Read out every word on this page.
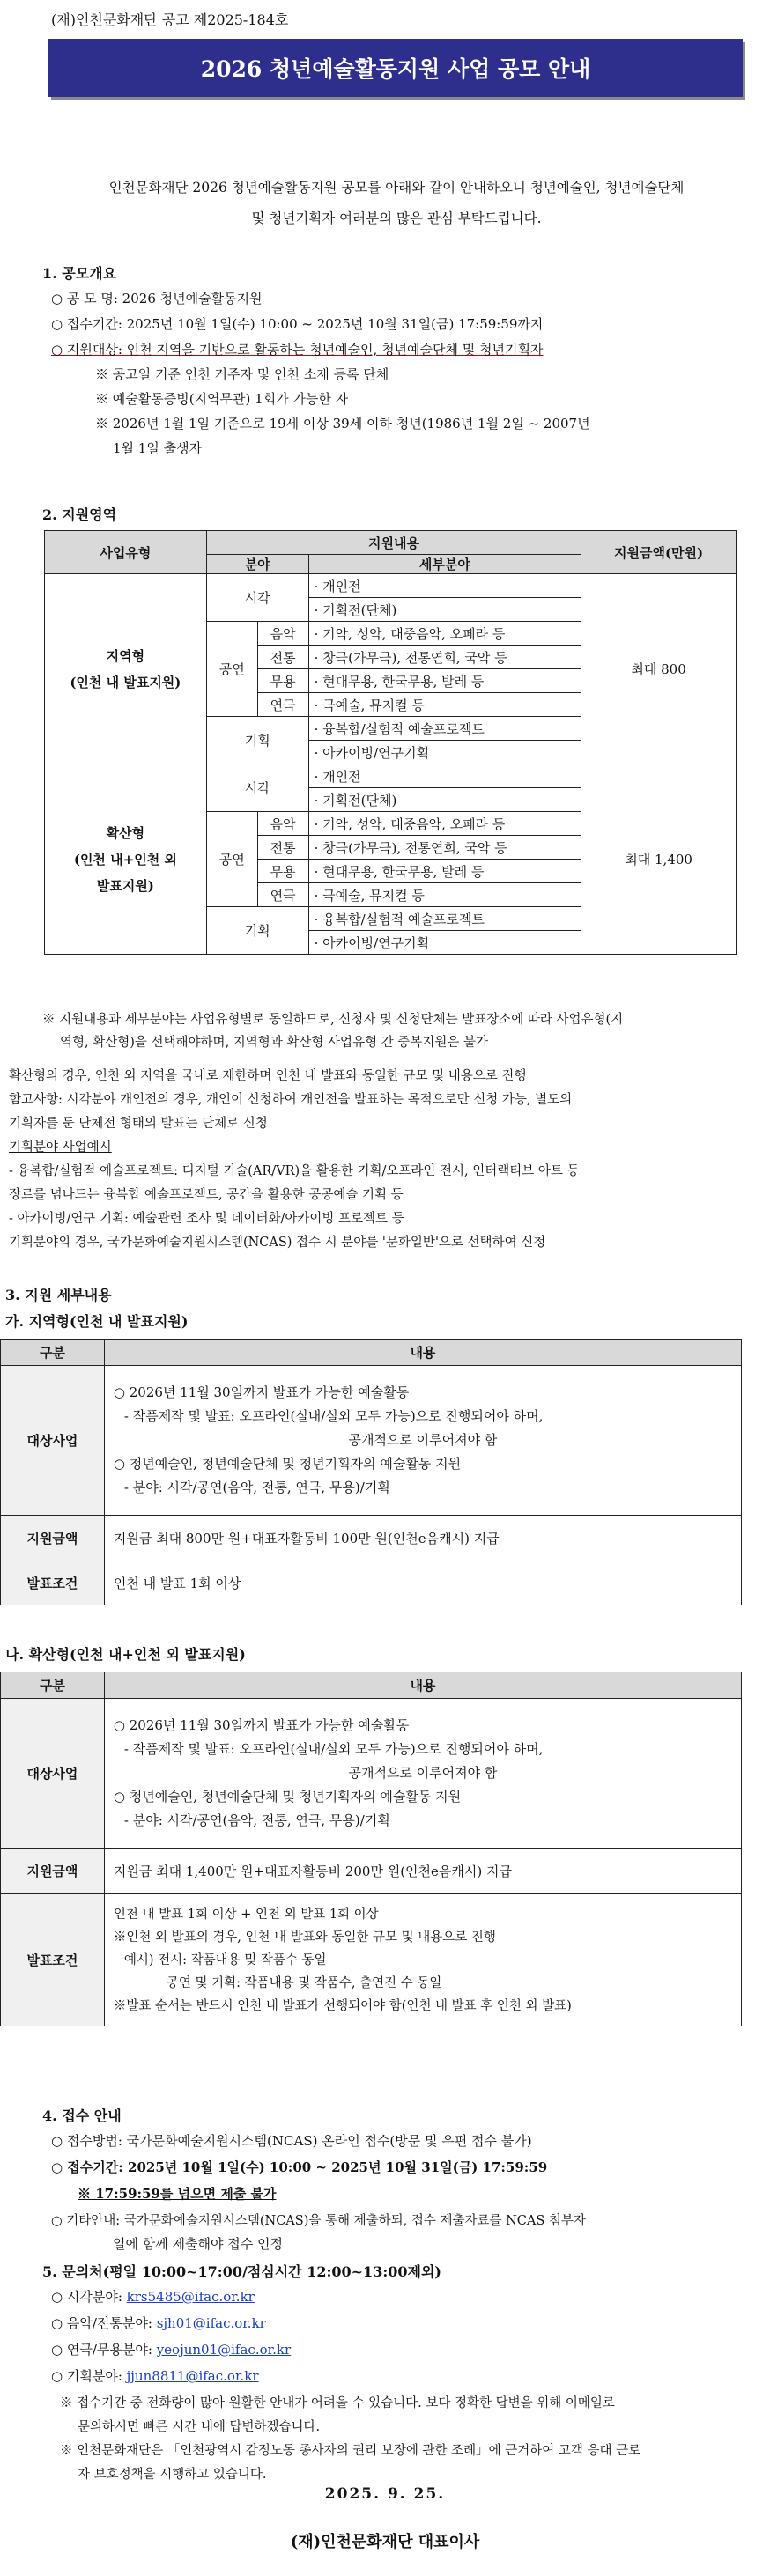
(재)인천문화재단 공고 제2025-184호
2026 청년예술활동지원 사업 공모 안내
인천문화재단 2026 청년예술활동지원 공모를 아래와 같이 안내하오니 청년예술인, 청년예술단체
및 청년기획자 여러분의 많은 관심 부탁드립니다.
1. 공모개요
○ 공 모 명: 2026 청년예술활동지원
○ 접수기간: 2025년 10월 1일(수) 10:00 ~ 2025년 10월 31일(금) 17:59:59까지
○ 지원대상: 인천 지역을 기반으로 활동하는 청년예술인, 청년예술단체 및 청년기획자
※ 공고일 기준 인천 거주자 및 인천 소재 등록 단체
※ 예술활동증빙(지역무관) 1회가 가능한 자
※ 2026년 1월 1일 기준으로 19세 이상 39세 이하 청년(1986년 1월 2일 ~ 2007년
1월 1일 출생자
2. 지원영역
사업유형	지원내용			지원금액(만원)
	분야		세부분야	

지역형
(인천 내 발표지원)	시각		· 개인전	최대 800
			· 기획전(단체)	
	공연	음악	· 기악, 성악, 대중음악, 오페라 등	
		전통	· 창극(가무극), 전통연희, 국악 등	
		무용	· 현대무용, 한국무용, 발레 등	
		연극	· 극예술, 뮤지컬 등	
	기획		· 융복합/실험적 예술프로젝트	
			· 아카이빙/연구기획	

확산형
(인천 내+인천 외
발표지원)	시각		· 개인전	최대 1,400
			· 기획전(단체)	
	공연	음악	· 기악, 성악, 대중음악, 오페라 등	
		전통	· 창극(가무극), 전통연희, 국악 등	
		무용	· 현대무용, 한국무용, 발레 등	
		연극	· 극예술, 뮤지컬 등	
	기획		· 융복합/실험적 예술프로젝트	
			· 아카이빙/연구기획	
※ 지원내용과 세부분야는 사업유형별로 동일하므로, 신청자 및 신청단체는 발표장소에 따라 사업유형(지
역형, 확산형)을 선택해야하며, 지역형과 확산형 사업유형 간 중복지원은 불가
확산형의 경우, 인천 외 지역을 국내로 제한하며 인천 내 발표와 동일한 규모 및 내용으로 진행
함고사항: 시각분야 개인전의 경우, 개인이 신청하여 개인전을 발표하는 목적으로만 신청 가능, 별도의
기획자를 둔 단체전 형태의 발표는 단체로 신청
기획분야 사업예시
- 융복합/실험적 예술프로젝트: 디지털 기술(AR/VR)을 활용한 기획/오프라인 전시, 인터랙티브 아트 등
장르를 넘나드는 융복합 예술프로젝트, 공간을 활용한 공공예술 기획 등
- 아카이빙/연구 기획: 예술관련 조사 및 데이터화/아카이빙 프로젝트 등
기획분야의 경우, 국가문화예술지원시스템(NCAS) 접수 시 분야를 '문화일반'으로 선택하여 신청
3. 지원 세부내용
가. 지역형(인천 내 발표지원)
구분	내용
대상사업	○ 2026년 11월 30일까지 발표가 가능한 예술활동
- 작품제작 및 발표: 오프라인(실내/실외 모두 가능)으로 진행되어야 하며,
공개적으로 이루어져야 함
○ 청년예술인, 청년예술단체 및 청년기획자의 예술활동 지원
- 분야: 시각/공연(음악, 전통, 연극, 무용)/기획

지원금액	지원금 최대 800만 원+대표자활동비 100만 원(인천e음캐시) 지급
발표조건	인천 내 발표 1회 이상
나. 확산형(인천 내+인천 외 발표지원)
구분	내용
대상사업	○ 2026년 11월 30일까지 발표가 가능한 예술활동
- 작품제작 및 발표: 오프라인(실내/실외 모두 가능)으로 진행되어야 하며,
공개적으로 이루어져야 함
○ 청년예술인, 청년예술단체 및 청년기획자의 예술활동 지원
- 분야: 시각/공연(음악, 전통, 연극, 무용)/기획

지원금액	지원금 최대 1,400만 원+대표자활동비 200만 원(인천e음캐시) 지급
발표조건	인천 내 발표 1회 이상 + 인천 외 발표 1회 이상
※인천 외 발표의 경우, 인천 내 발표와 동일한 규모 및 내용으로 진행
예시) 전시: 작품내용 및 작품수 동일
공연 및 기획: 작품내용 및 작품수, 출연진 수 동일
※발표 순서는 반드시 인천 내 발표가 선행되어야 함(인천 내 발표 후 인천 외 발표)
4. 접수 안내
○ 접수방법: 국가문화예술지원시스템(NCAS) 온라인 접수(방문 및 우편 접수 불가)
○ 접수기간: 2025년 10월 1일(수) 10:00 ~ 2025년 10월 31일(금) 17:59:59
※ 17:59:59를 넘으면 제출 불가
○ 기타안내: 국가문화예술지원시스템(NCAS)을 통해 제출하되, 접수 제출자료를 NCAS 첨부자
일에 함께 제출해야 접수 인정
5. 문의처(평일 10:00~17:00/점심시간 12:00~13:00제외)
○ 시각분야: krs5485@ifac.or.kr
○ 음악/전통분야: sjh01@ifac.or.kr
○ 연극/무용분야: yeojun01@ifac.or.kr
○ 기획분야: jjun8811@ifac.or.kr
※ 접수기간 중 전화량이 많아 원활한 안내가 어려울 수 있습니다. 보다 정확한 답변을 위해 이메일로
문의하시면 빠른 시간 내에 답변하겠습니다.
※ 인천문화재단은 「인천광역시 감정노동 종사자의 권리 보장에 관한 조례」에 근거하여 고객 응대 근로
자 보호정책을 시행하고 있습니다.
2025. 9. 25.
(재)인천문화재단 대표이사
